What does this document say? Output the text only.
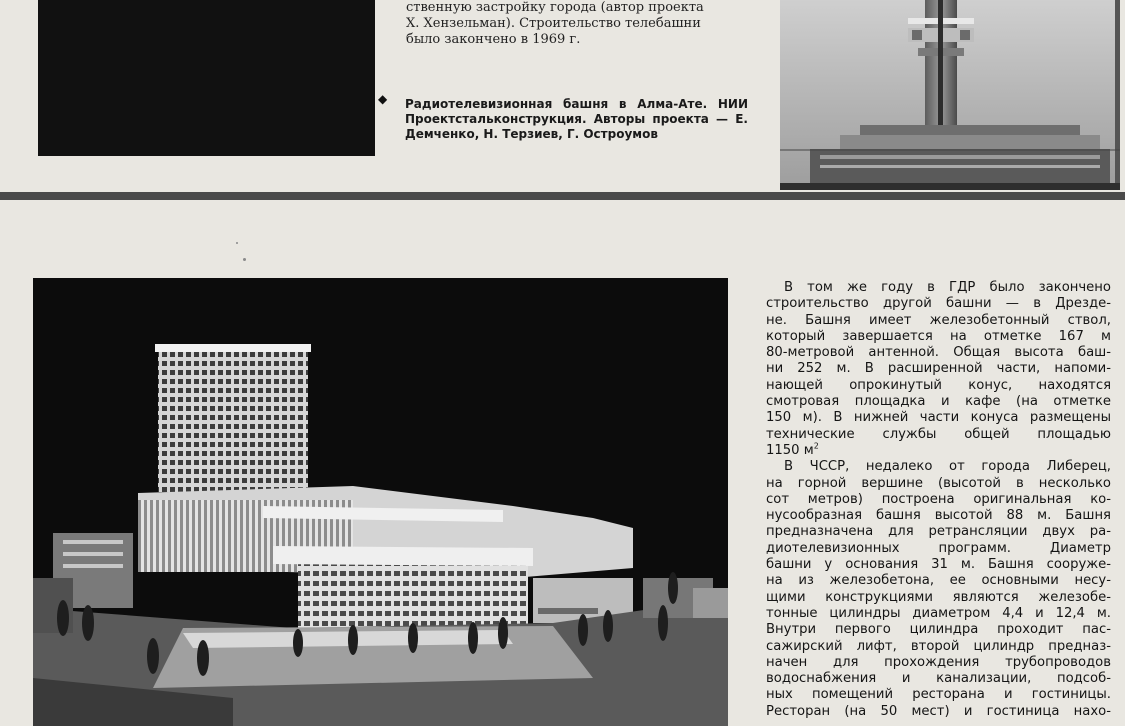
ственную застройку города (автор проекта

Х. Хензельман). Строительство телебашни

было закончено в 1969 г.

◆ Радиотелевизионная башня в Алма-Ате. НИИ Проектстальконструкция. Авторы проекта — Е. Демченко, Н. Терзиев, Г. Остроумов
В том же году в ГДР было закончено
строительство другой башни — в Дрезде-
не. Башня имеет железобетонный ствол,
который завершается на отметке 167 м
80-метровой антенной. Общая высота баш-
ни 252 м. В расширенной части, напоми-
нающей опрокинутый конус, находятся
смотровая площадка и кафе (на отметке
150 м). В нижней части конуса размещены
технические службы общей площадью
1150 $м^2$
В ЧССР, недалеко от города Либерец,
на горной вершине (высотой в несколько
сот метров) построена оригинальная ко-
нусообразная башня высотой 88 м. Башня
предназначена для ретрансляции двух ра-
диотелевизионных программ. Диаметр
башни у основания 31 м. Башня сооруже-
на из железобетона, ее основными несу-
щими конструкциями являются железобе-
тонные цилиндры диаметром 4,4 и 12,4 м.
Внутри первого цилиндра проходит пас-
сажирский лифт, второй цилиндр предназ-
начен для прохождения трубопроводов
водоснабжения и канализации, подсоб-
ных помещений ресторана и гостиницы.
Ресторан (на 50 мест) и гостиница нахо-
